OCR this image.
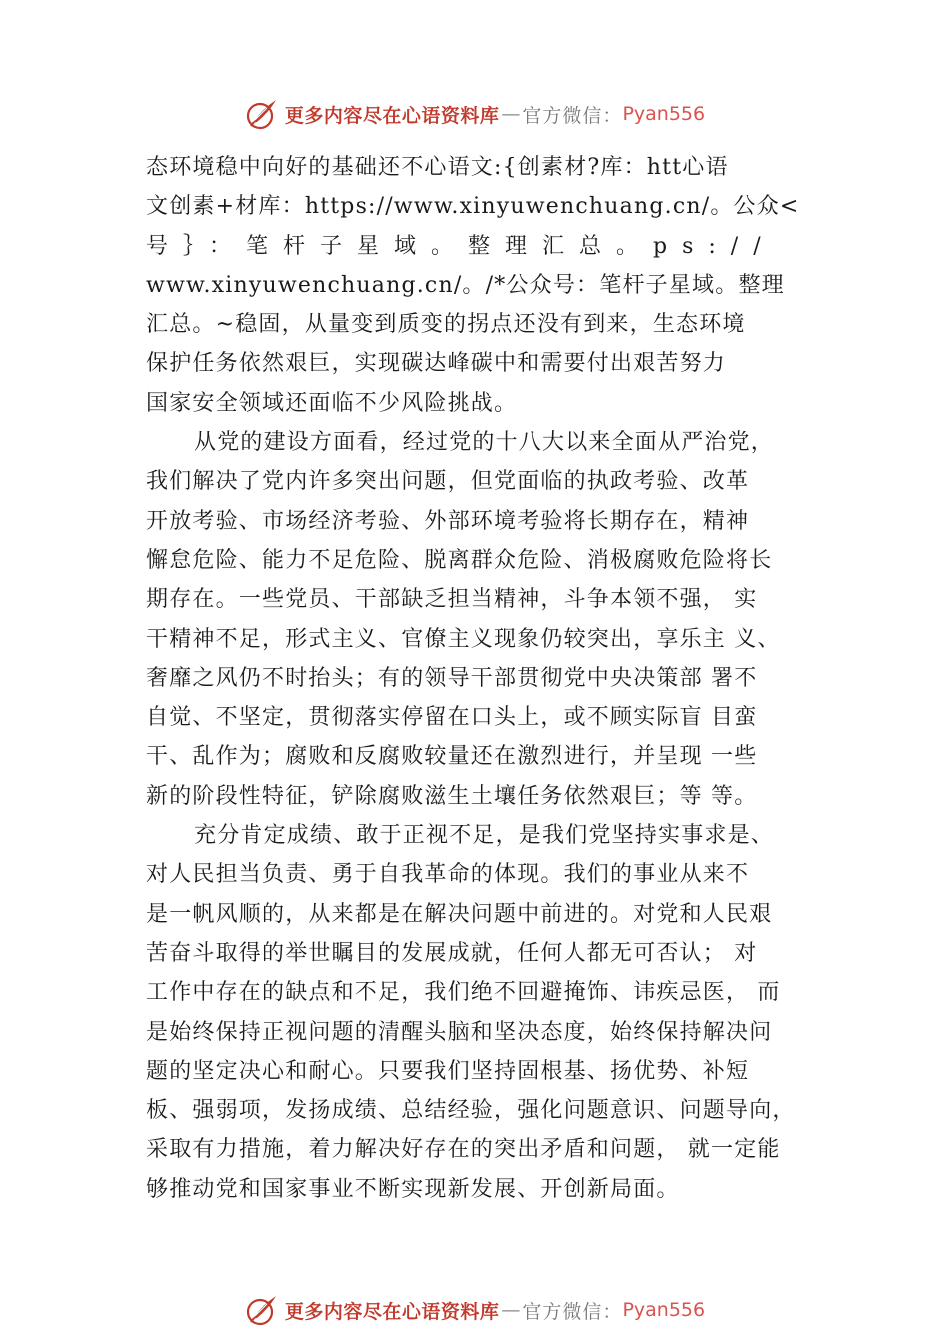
更多内容尽在心语资料库 — 官方微信： Pyan556
态环境稳中向好的基础还不心语文:{创素材?库：htt心语
文创素+材库：https://www.xinyuwenchuang.cn/。公众<
号｝：笔杆子星域。整理汇总。ps://
www.xinyuwenchuang.cn/。/*公众号：笔杆子星域。整理
汇总。~稳固，从量变到质变的拐点还没有到来，生态环境
保护任务依然艰巨，实现碳达峰碳中和需要付出艰苦努力
国家安全领域还面临不少风险挑战。
从党的建设方面看，经过党的十八大以来全面从严治党，
我们解决了党内许多突出问题，但党面临的执政考验、改革
开放考验、市场经济考验、外部环境考验将长期存在，精神
懈怠危险、能力不足危险、脱离群众危险、消极腐败危险将长
期存在。一些党员、干部缺乏担当精神，斗争本领不强， 实
干精神不足，形式主义、官僚主义现象仍较突出，享乐主 义、
奢靡之风仍不时抬头；有的领导干部贯彻党中央决策部 署不
自觉、不坚定，贯彻落实停留在口头上，或不顾实际盲 目蛮
干、乱作为；腐败和反腐败较量还在激烈进行，并呈现 一些
新的阶段性特征，铲除腐败滋生土壤任务依然艰巨；等 等。
充分肯定成绩、敢于正视不足，是我们党坚持实事求是、
对人民担当负责、勇于自我革命的体现。我们的事业从来不
是一帆风顺的，从来都是在解决问题中前进的。对党和人民艰
苦奋斗取得的举世瞩目的发展成就，任何人都无可否认； 对
工作中存在的缺点和不足，我们绝不回避掩饰、讳疾忌医， 而
是始终保持正视问题的清醒头脑和坚决态度，始终保持解决问
题的坚定决心和耐心。只要我们坚持固根基、扬优势、补短
板、强弱项，发扬成绩、总结经验，强化问题意识、问题导向，
采取有力措施，着力解决好存在的突出矛盾和问题， 就一定能
够推动党和国家事业不断实现新发展、开创新局面。
更多内容尽在心语资料库 — 官方微信： Pyan556
